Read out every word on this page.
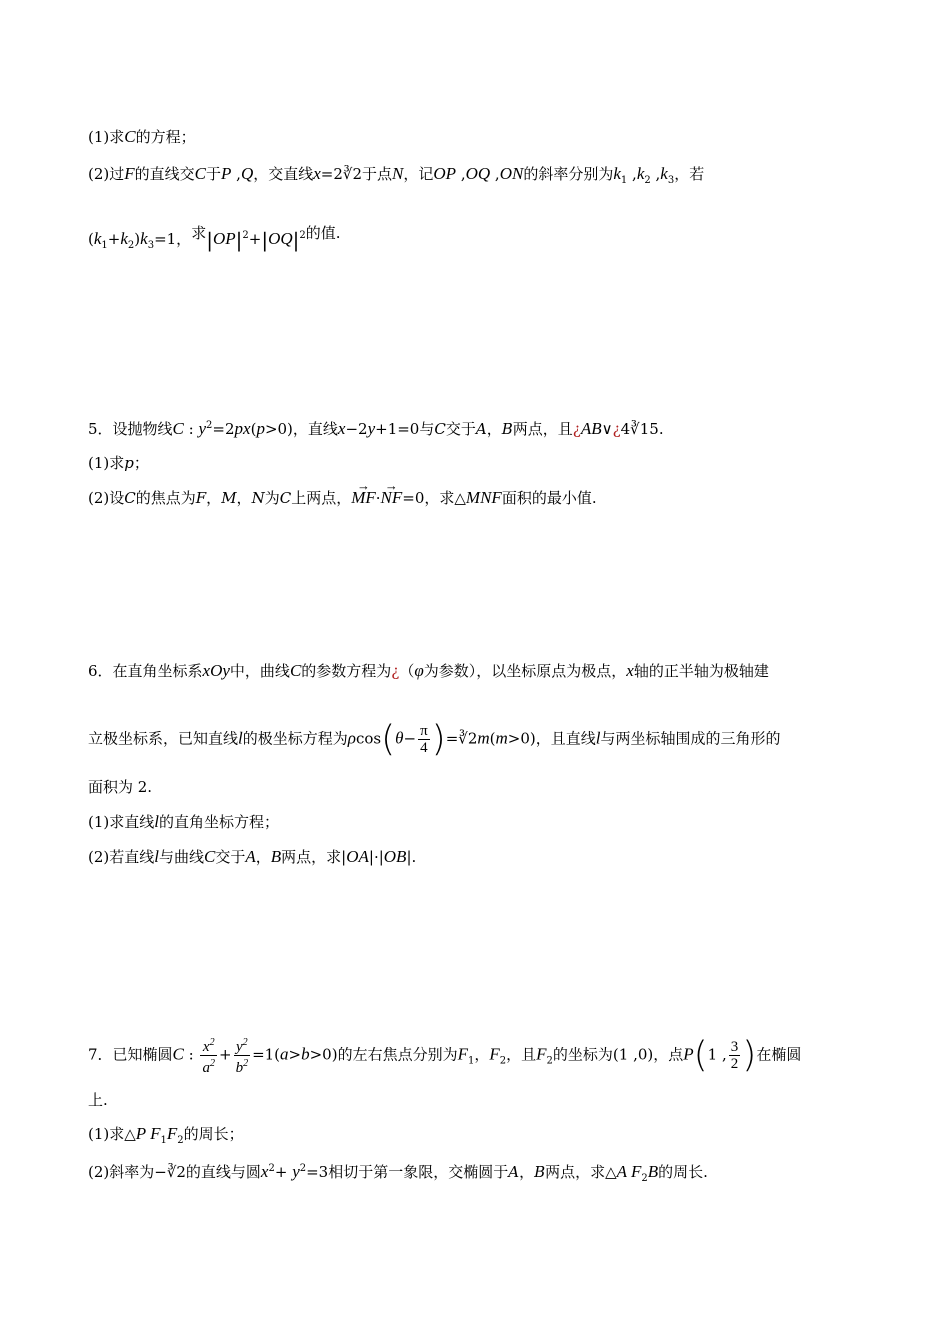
(1)求C的方程；
(2)过F的直线交C于P ,Q，交直线x=2∛2于点N，记OP ,OQ ,ON的斜率分别为$k_1$ $,k_2$ $,k_3$，若
$(k_1+k_2)k_3=1$，求$|OP|^2+|OQ|^2$的值.
5．设抛物线C : $y^2=2px(p>0)$，直线x−2y+1=0与C交于A，B两点，且¿AB∨¿4∛15.
(1)求p；
(2)设C的焦点为F，M，N为C上两点，→ MF·→ NF=0，求△MNF面积的最小值.
6．在直角坐标系xOy中，曲线C的参数方程为¿（φ为参数），以坐标原点为极点，x轴的正半轴为极轴建
立极坐标系，已知直线l的极坐标方程为$\rho\cos(\theta- \frac{\pi}{4}$ )=∛2m(m>0)，且直线l与两坐标轴围成的三角形的
面积为 2.
(1)求直线l的直角坐标方程；
(2)若直线l与曲线C交于A，B两点，求|OA|·|OB|.
7．已知椭圆C : $\frac{x^2}{a^2} + \frac{y^2}{b^2} =1(a>b>0)$的左右焦点分别为$F_1$，$F_2$，且$F_2$的坐标为(1 ,0)，点P(1 , $\frac{3}{2}$ )在椭圆
上.
(1)求△P $F_1F_2$的周长；
(2)斜率为−∛2的直线与圆$x^2+ y^2=3$相切于第一象限，交椭圆于A，B两点，求△A $F_2B$的周长.
